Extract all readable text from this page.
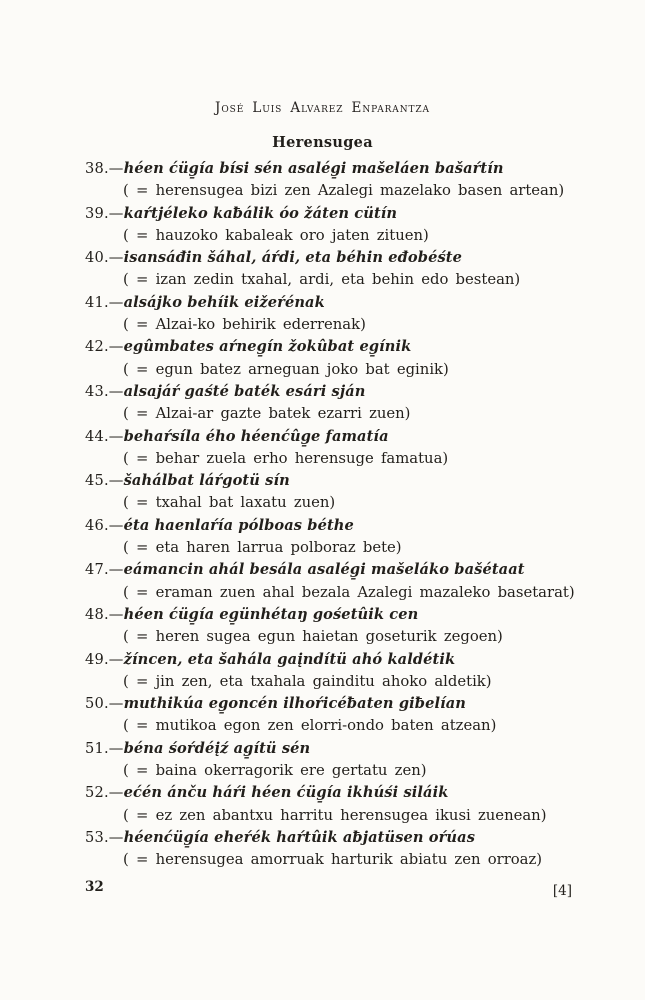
José Luis Alvarez Enparantza
Herensugea
38.—héen ćüg̱ía bísi sén asalég̱i mašeláen bašaŕtín
( = herensugea bizi zen Azalegi mazelako basen artean)
39.—kaŕtjéleko kaƀálik óo žáten cütín
( = hauzoko kabaleak oro jaten zituen)
40.—isansáđin šáhal, áŕdi, eta béhin eđobéśte
( = izan zedin txahal, ardi, eta behin edo bestean)
41.—alsájko behíik eižeŕénak
( = Alzai-ko behirik ederrenak)
42.—egûmbates aŕneg̱ín žokûbat eg̱ínik
( = egun batez arneguan joko bat eginik)
43.—alsajáŕ gaśté baték esári sján
( = Alzai-ar gazte batek ezarri zuen)
44.—behaŕsíla ého héenćûg̱e famatía
( = behar zuela erho herensuge famatua)
45.—šahálbat láŕgotü sín
( = txahal bat laxatu zuen)
46.—éta haenlaŕía pólboas béthe
( = eta haren larrua polboraz bete)
47.—eámancin ahál besála asalég̱i mašeláko bašétaat
( = eraman zuen ahal bezala Azalegi mazaleko basetarat)
48.—héen ćüg̱ía eg̱ünhétaŋ gośetûik cen
( = heren sugea egun haietan goseturik zegoen)
49.—žíncen, eta šahála gaįndítü ahó kaldétik
( = jin zen, eta txahala gainditu ahoko aldetik)
50.—muthikúa eg̱oncén ilhoŕicéƀaten giƀelían
( = mutikoa egon zen elorri-ondo baten atzean)
51.—béna śoŕdéįź ag̱ítü sén
( = baina okerragorik ere gertatu zen)
52.—ećén ánču háŕi héen ćüg̱ía ikhúśi siláik
( = ez zen abantxu harritu herensugea ikusi zuenean)
53.—héenćüg̱ía eheŕék haŕtûik aƀjatüsen oŕúas
( = herensugea amorruak harturik abiatu zen orroaz)
32	[4]
